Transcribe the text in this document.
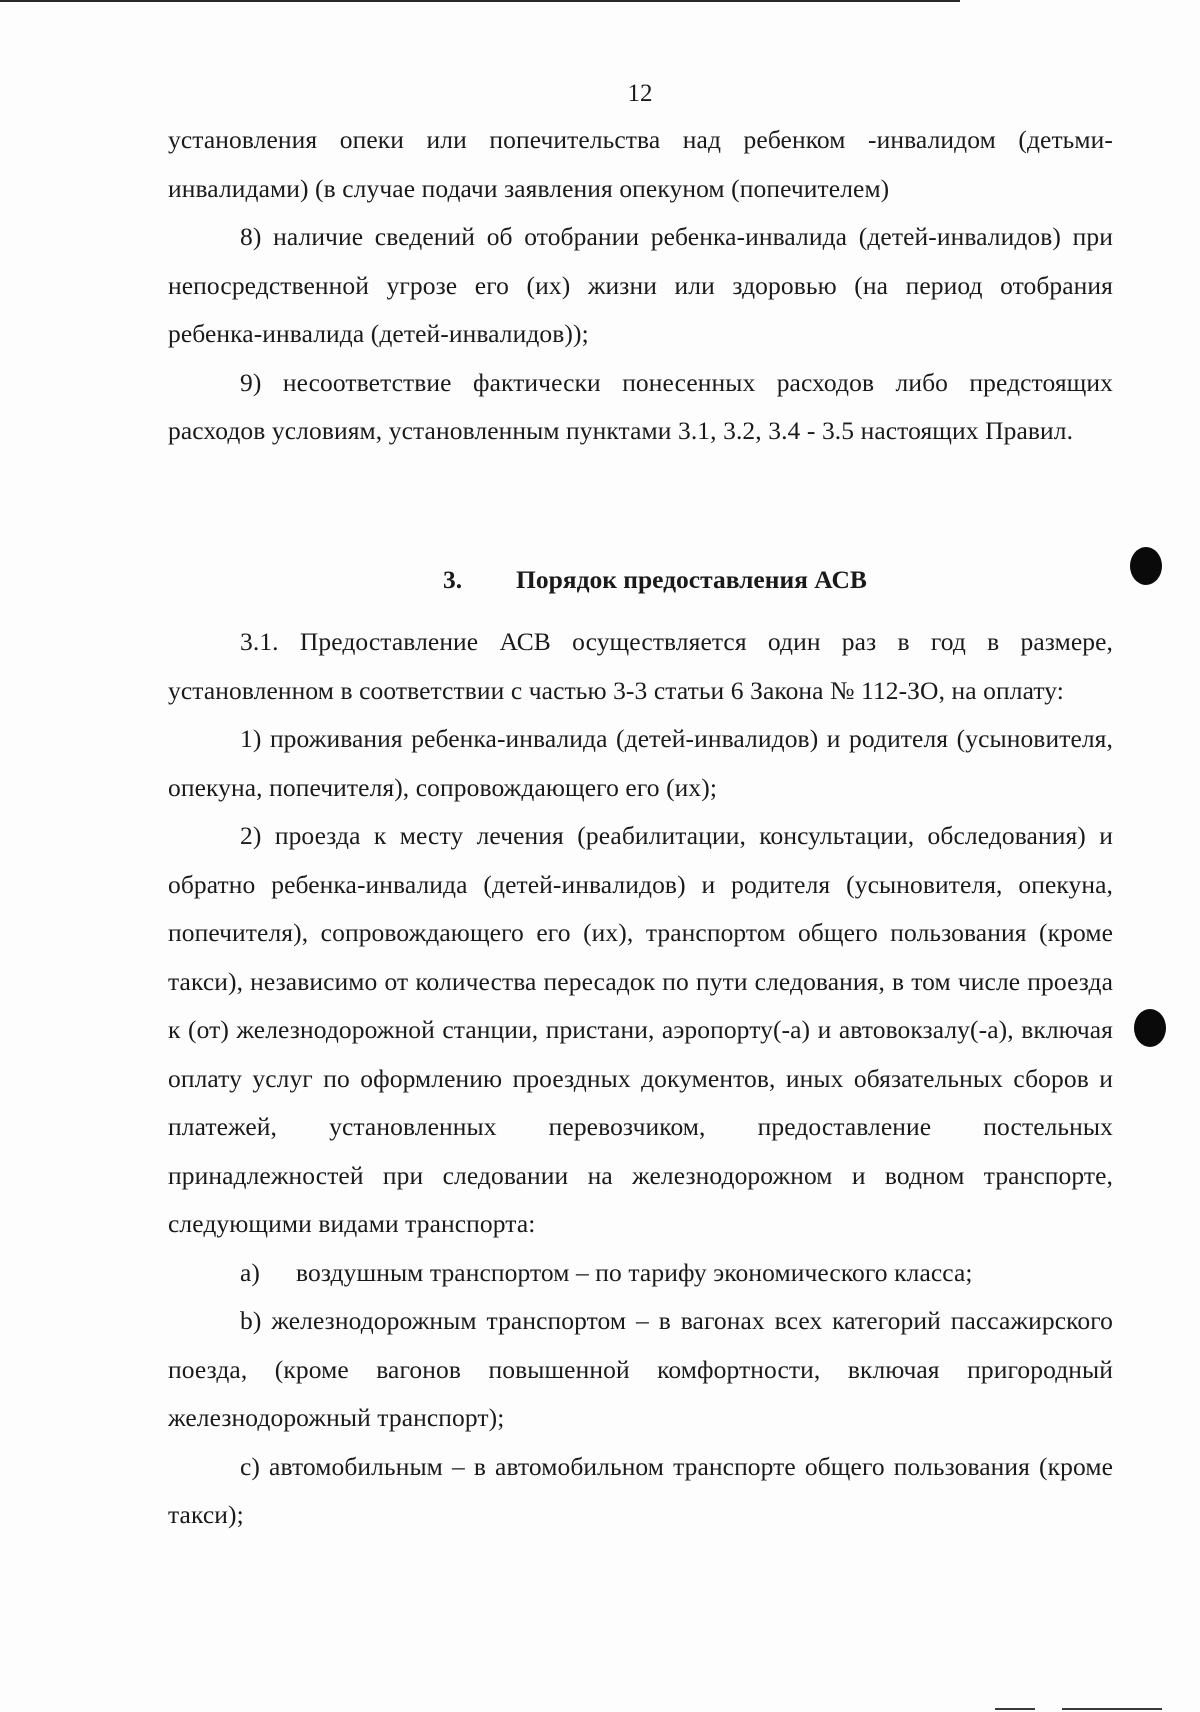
12

установления опеки или попечительства над ребенком -инвалидом (детьми-инвалидами) (в случае подачи заявления опекуном (попечителем)

8) наличие сведений об отобрании ребенка-инвалида (детей-инвалидов) при непосредственной угрозе его (их) жизни или здоровью (на период отобрания ребенка-инвалида (детей-инвалидов));

9) несоответствие фактически понесенных расходов либо предстоящих расходов условиям, установленным пунктами 3.1, 3.2, 3.4 - 3.5 настоящих Правил.

3. Порядок предоставления АСВ

3.1. Предоставление АСВ осуществляется один раз в год в размере, установленном в соответствии с частью 3-3 статьи 6 Закона № 112-ЗО, на оплату:

1) проживания ребенка-инвалида (детей-инвалидов) и родителя (усыновителя, опекуна, попечителя), сопровождающего его (их);

2) проезда к месту лечения (реабилитации, консультации, обследования) и обратно ребенка-инвалида (детей-инвалидов) и родителя (усыновителя, опекуна, попечителя), сопровождающего его (их), транспортом общего пользования (кроме такси), независимо от количества пересадок по пути следования, в том числе проезда к (от) железнодорожной станции, пристани, аэропорту(-а) и автовокзалу(-а), включая оплату услуг по оформлению проездных документов, иных обязательных сборов и платежей, установленных перевозчиком, предоставление постельных принадлежностей при следовании на железнодорожном и водном транспорте, следующими видами транспорта:

а) воздушным транспортом – по тарифу экономического класса;

b) железнодорожным транспортом – в вагонах всех категорий пассажирского поезда, (кроме вагонов повышенной комфортности, включая пригородный железнодорожный транспорт);

с) автомобильным – в автомобильном транспорте общего пользования (кроме такси);
